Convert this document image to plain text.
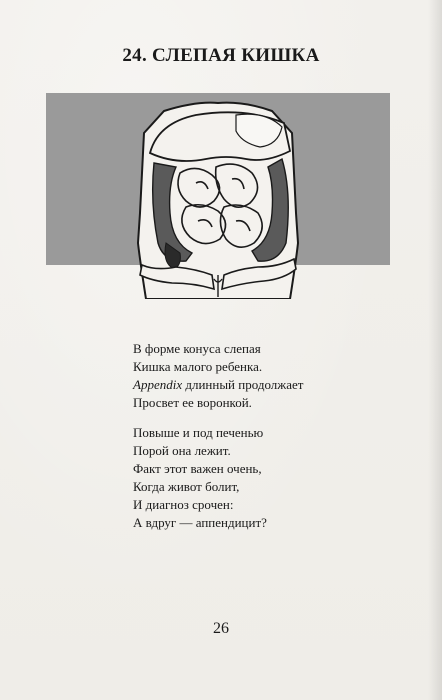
24. СЛЕПАЯ КИШКА
В форме конуса слепая
Кишка малого ребенка.
Appendix длинный продолжает
Просвет ее воронкой.
Повыше и под печенью
Порой она лежит.
Факт этот важен очень,
Когда живот болит,
И диагноз срочен:
А вдруг — аппендицит?
26
